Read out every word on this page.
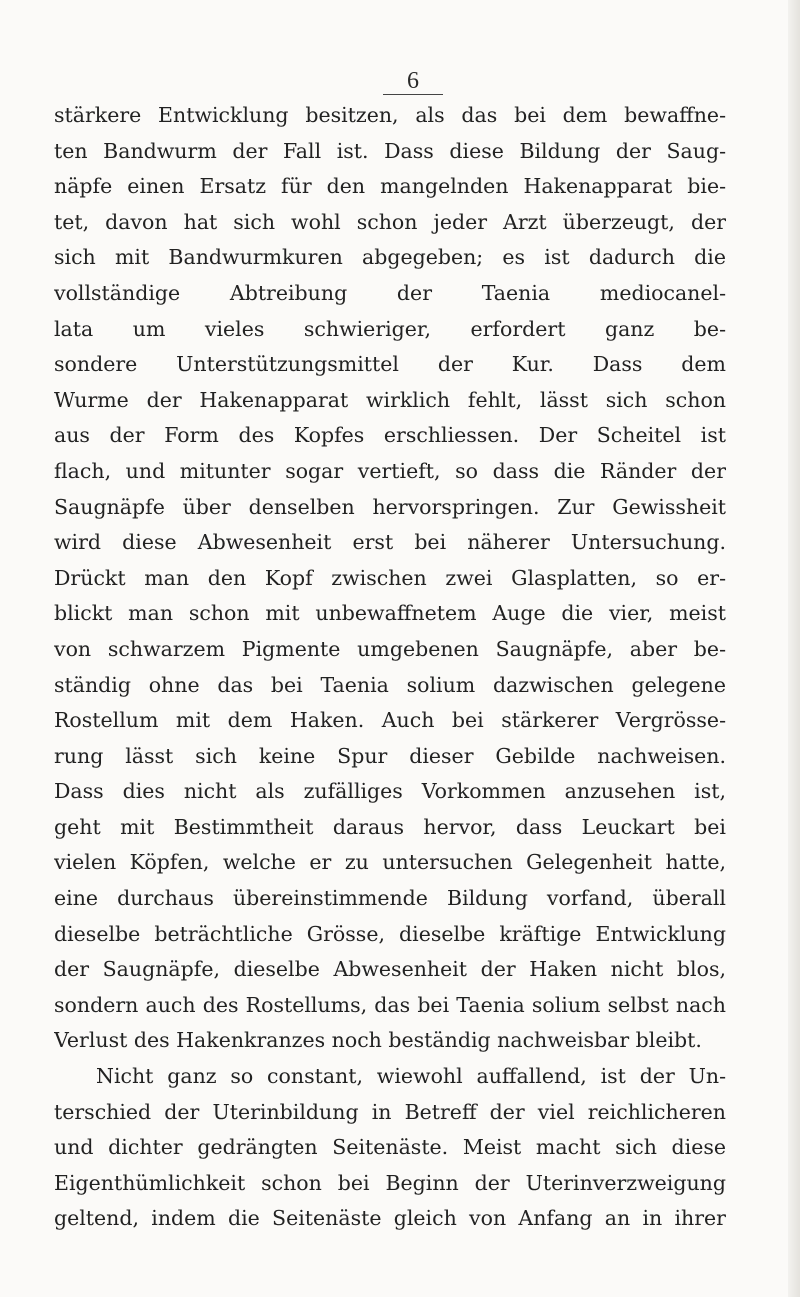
6
stärkere Entwicklung besitzen, als das bei dem bewaffne-
ten Bandwurm der Fall ist. Dass diese Bildung der Saug-
näpfe einen Ersatz für den mangelnden Hakenapparat bie-
tet, davon hat sich wohl schon jeder Arzt überzeugt, der
sich mit Bandwurmkuren abgegeben; es ist dadurch die
vollständige Abtreibung der Taenia mediocanel-
lata um vieles schwieriger, erfordert ganz be-
sondere Unterstützungsmittel der Kur. Dass dem
Wurme der Hakenapparat wirklich fehlt, lässt sich schon
aus der Form des Kopfes erschliessen. Der Scheitel ist
flach, und mitunter sogar vertieft, so dass die Ränder der
Saugnäpfe über denselben hervorspringen. Zur Gewissheit
wird diese Abwesenheit erst bei näherer Untersuchung.
Drückt man den Kopf zwischen zwei Glasplatten, so er-
blickt man schon mit unbewaffnetem Auge die vier, meist
von schwarzem Pigmente umgebenen Saugnäpfe, aber be-
ständig ohne das bei Taenia solium dazwischen gelegene
Rostellum mit dem Haken. Auch bei stärkerer Vergrösse-
rung lässt sich keine Spur dieser Gebilde nachweisen.
Dass dies nicht als zufälliges Vorkommen anzusehen ist,
geht mit Bestimmtheit daraus hervor, dass Leuckart bei
vielen Köpfen, welche er zu untersuchen Gelegenheit hatte,
eine durchaus übereinstimmende Bildung vorfand, überall
dieselbe beträchtliche Grösse, dieselbe kräftige Entwicklung
der Saugnäpfe, dieselbe Abwesenheit der Haken nicht blos,
sondern auch des Rostellums, das bei Taenia solium selbst nach
Verlust des Hakenkranzes noch beständig nachweisbar bleibt.
Nicht ganz so constant, wiewohl auffallend, ist der Un-
terschied der Uterinbildung in Betreff der viel reichlicheren
und dichter gedrängten Seitenäste. Meist macht sich diese
Eigenthümlichkeit schon bei Beginn der Uterinverzweigung
geltend, indem die Seitenäste gleich von Anfang an in ihrer
